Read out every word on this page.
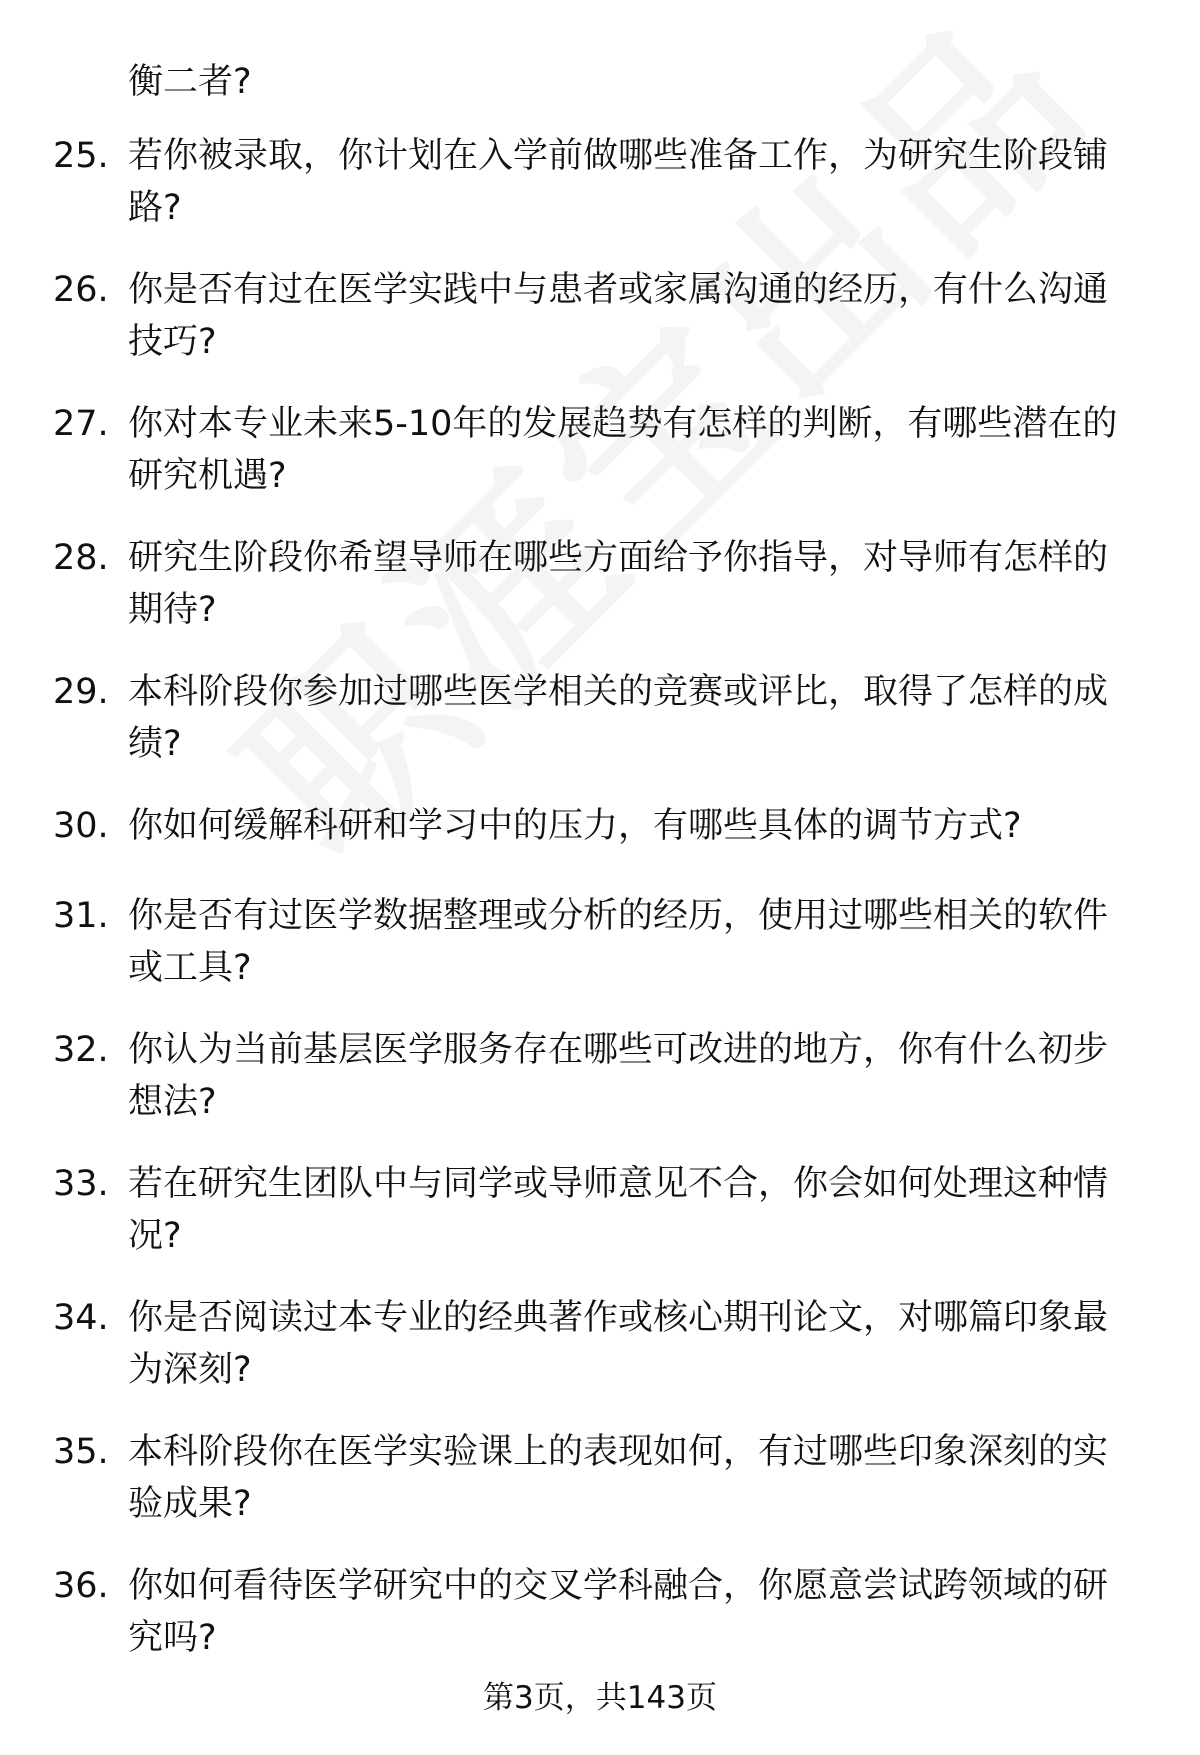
衡二者?
25. 若你被录取，你计划在入学前做哪些准备工作，为研究生阶段铺
路?
26. 你是否有过在医学实践中与患者或家属沟通的经历，有什么沟通
技巧?
27. 你对本专业未来5-10年的发展趋势有怎样的判断，有哪些潜在的
研究机遇?
28. 研究生阶段你希望导师在哪些方面给予你指导，对导师有怎样的
期待?
29. 本科阶段你参加过哪些医学相关的竞赛或评比，取得了怎样的成
绩?
30. 你如何缓解科研和学习中的压力，有哪些具体的调节方式?
31. 你是否有过医学数据整理或分析的经历，使用过哪些相关的软件
或工具?
32. 你认为当前基层医学服务存在哪些可改进的地方，你有什么初步
想法?
33. 若在研究生团队中与同学或导师意见不合，你会如何处理这种情
况?
34. 你是否阅读过本专业的经典著作或核心期刊论文，对哪篇印象最
为深刻?
35. 本科阶段你在医学实验课上的表现如何，有过哪些印象深刻的实
验成果?
36. 你如何看待医学研究中的交叉学科融合，你愿意尝试跨领域的研
究吗?
第3页，共143页
